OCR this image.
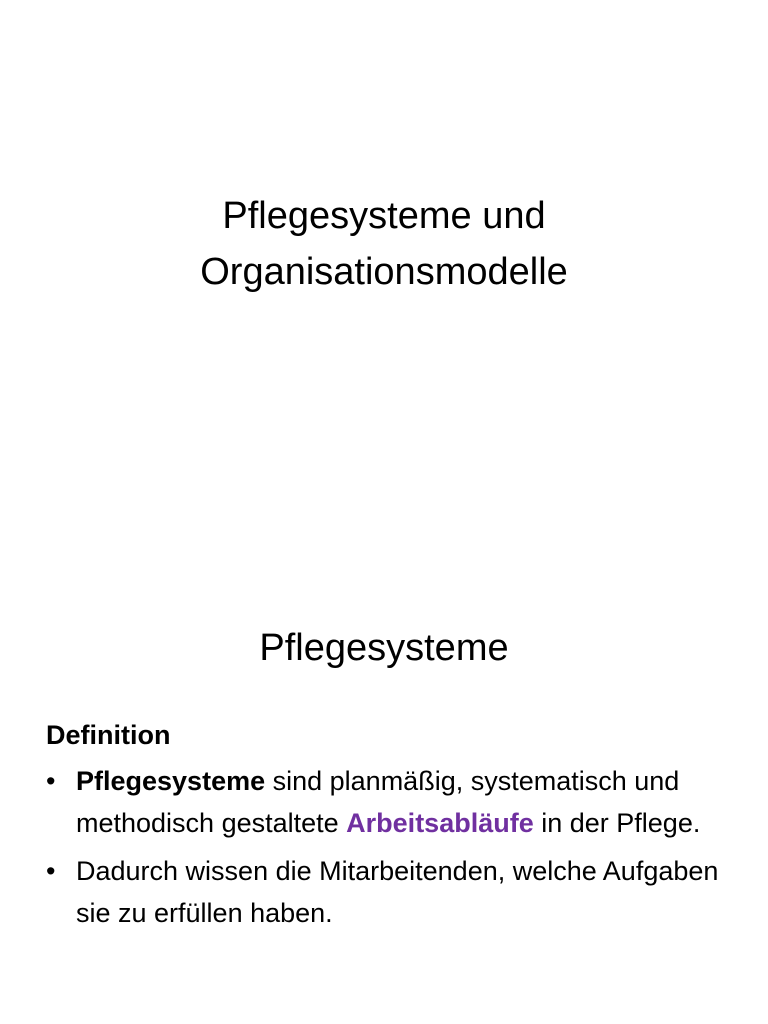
Pflegesysteme und
Organisationsmodelle
Pflegesysteme
Definition
• Pflegesysteme sind planmäßig, systematisch und methodisch gestaltete Arbeitsabläufe in der Pflege.
• Dadurch wissen die Mitarbeitenden, welche Aufgaben sie zu erfüllen haben.
